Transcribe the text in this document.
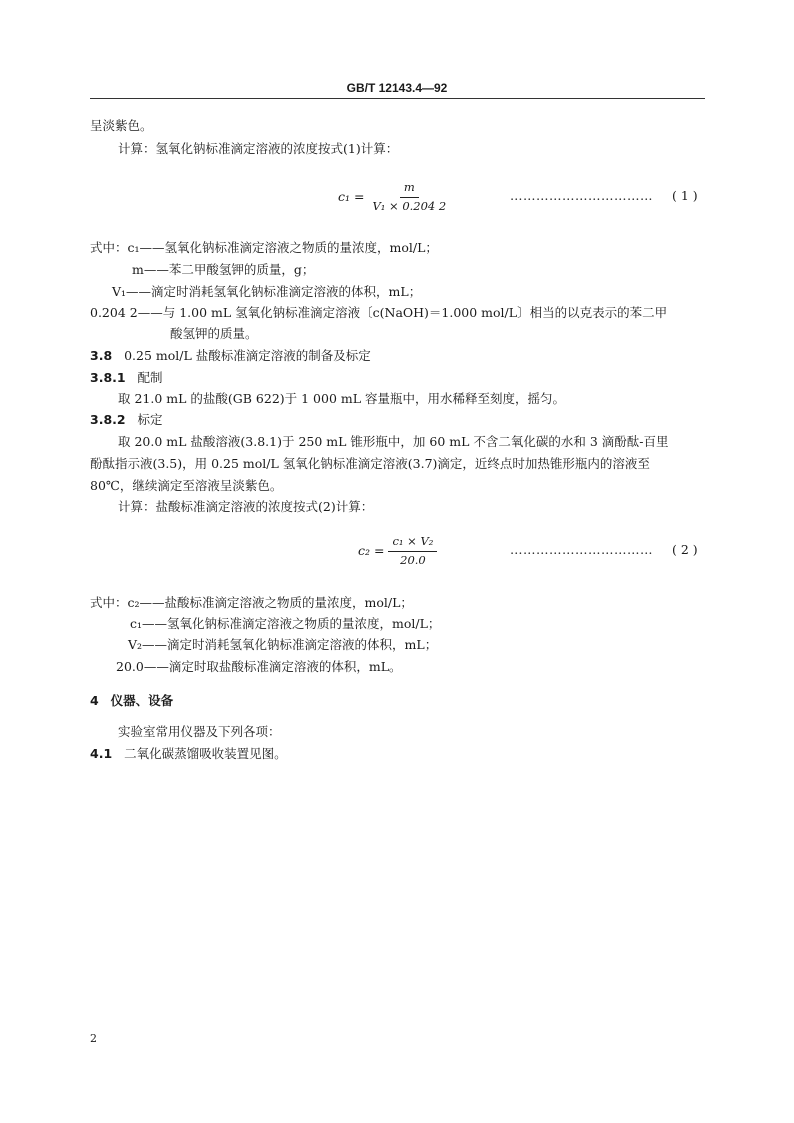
GB/T 12143.4—92
呈淡紫色。
计算：氢氧化钠标准滴定溶液的浓度按式(1)计算：
$c_1 = \frac{m}{\text{V₁ × 0.204 2}}$	…………………………… ( 1 )
式中：c₁——氢氧化钠标准滴定溶液之物质的量浓度，mol/L；
m——苯二甲酸氢钾的质量，g；
V₁——滴定时消耗氢氧化钠标准滴定溶液的体积，mL；
0.204 2——与 1.00 mL 氢氧化钠标准滴定溶液〔c(NaOH)＝1.000 mol/L〕相当的以克表示的苯二甲
酸氢钾的质量。
3.8 0.25 mol/L 盐酸标准滴定溶液的制备及标定
3.8.1 配制
取 21.0 mL 的盐酸(GB 622)于 1 000 mL 容量瓶中，用水稀释至刻度，摇匀。
3.8.2 标定
取 20.0 mL 盐酸溶液(3.8.1)于 250 mL 锥形瓶中，加 60 mL 不含二氧化碳的水和 3 滴酚酞-百里
酚酞指示液(3.5)，用 0.25 mol/L 氢氧化钠标准滴定溶液(3.7)滴定，近终点时加热锥形瓶内的溶液至
80℃，继续滴定至溶液呈淡紫色。
计算：盐酸标准滴定溶液的浓度按式(2)计算：
$c_2 = \frac{\text{c₁ × V₂}}{20.0}$	…………………………… ( 2 )
式中：c₂——盐酸标准滴定溶液之物质的量浓度，mol/L；
c₁——氢氧化钠标准滴定溶液之物质的量浓度，mol/L；
V₂——滴定时消耗氢氧化钠标准滴定溶液的体积，mL；
20.0——滴定时取盐酸标准滴定溶液的体积，mL。
4 仪器、设备
实验室常用仪器及下列各项：
4.1 二氧化碳蒸馏吸收装置见图。
2
